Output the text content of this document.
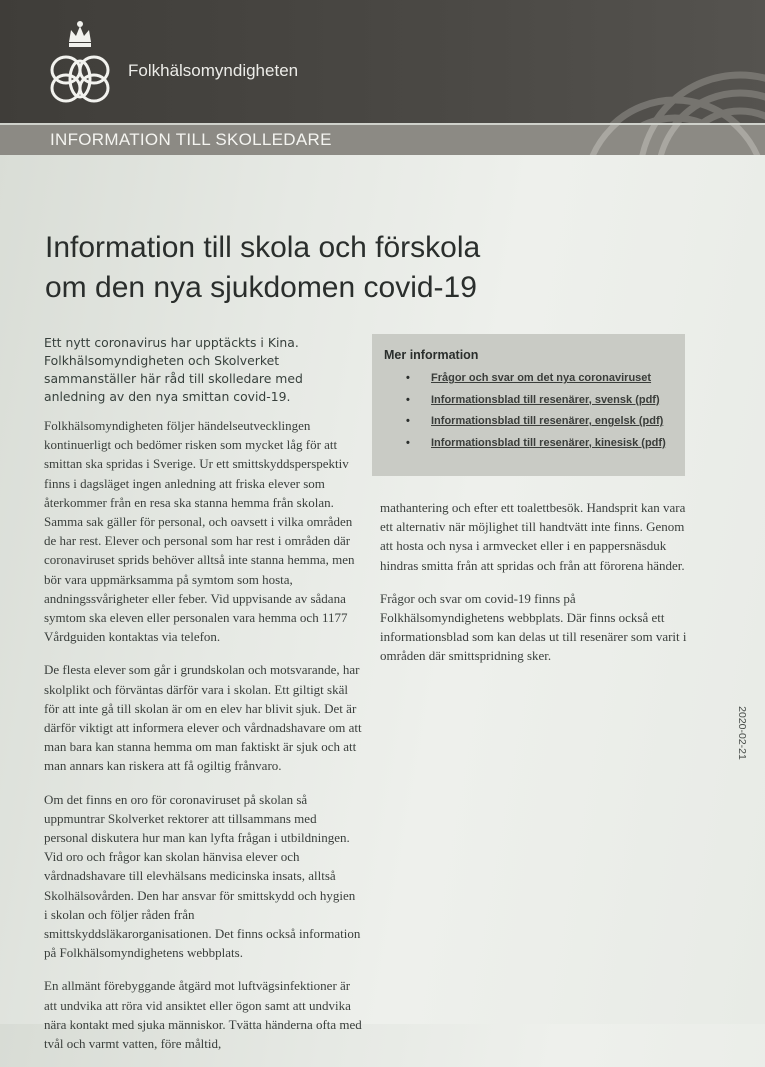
Folkhälsomyndigheten
INFORMATION TILL SKOLLEDARE
Information till skola och förskola
om den nya sjukdomen covid-19

Ett nytt coronavirus har upptäckts i Kina. Folkhälsomyndigheten och Skolverket sammanställer här råd till skolledare med anledning av den nya smittan covid-19.

Folkhälsomyndigheten följer händelseutvecklingen kontinuerligt och bedömer risken som mycket låg för att smittan ska spridas i Sverige. Ur ett smittskyddsperspektiv finns i dagsläget ingen anledning att friska elever som återkommer från en resa ska stanna hemma från skolan. Samma sak gäller för personal, och oavsett i vilka områden de har rest. Elever och personal som har rest i områden där coronaviruset sprids behöver alltså inte stanna hemma, men bör vara uppmärksamma på symtom som hosta, andningssvårigheter eller feber. Vid uppvisande av sådana symtom ska eleven eller personalen vara hemma och 1177 Vårdguiden kontaktas via telefon.

De flesta elever som går i grundskolan och motsvarande, har skolplikt och förväntas därför vara i skolan. Ett giltigt skäl för att inte gå till skolan är om en elev har blivit sjuk. Det är därför viktigt att informera elever och vårdnadshavare om att man bara kan stanna hemma om man faktiskt är sjuk och att man annars kan riskera att få ogiltig frånvaro.

Om det finns en oro för coronaviruset på skolan så uppmuntrar Skolverket rektorer att tillsammans med personal diskutera hur man kan lyfta frågan i utbildningen. Vid oro och frågor kan skolan hänvisa elever och vårdnadshavare till elevhälsans medicinska insats, alltså Skolhälsovården. Den har ansvar för smittskydd och hygien i skolan och följer råden från smittskyddsläkarorganisationen. Det finns också information på Folkhälsomyndighetens webbplats.

En allmänt förebyggande åtgärd mot luftvägsinfektioner är att undvika att röra vid ansiktet eller ögon samt att undvika nära kontakt med sjuka människor. Tvätta händerna ofta med tvål och varmt vatten, före måltid,

Mer information
• Frågor och svar om det nya coronaviruset
• Informationsblad till resenärer, svensk (pdf)
• Informationsblad till resenärer, engelsk (pdf)
• Informationsblad till resenärer, kinesisk (pdf)

mathantering och efter ett toalettbesök. Handsprit kan vara ett alternativ när möjlighet till handtvätt inte finns. Genom att hosta och nysa i armvecket eller i en pappersnäsduk hindras smitta från att spridas och från att förorena händer.

Frågor och svar om covid-19 finns på Folkhälsomyndighetens webbplats. Där finns också ett informationsblad som kan delas ut till resenärer som varit i områden där smittspridning sker.

2020-02-21
